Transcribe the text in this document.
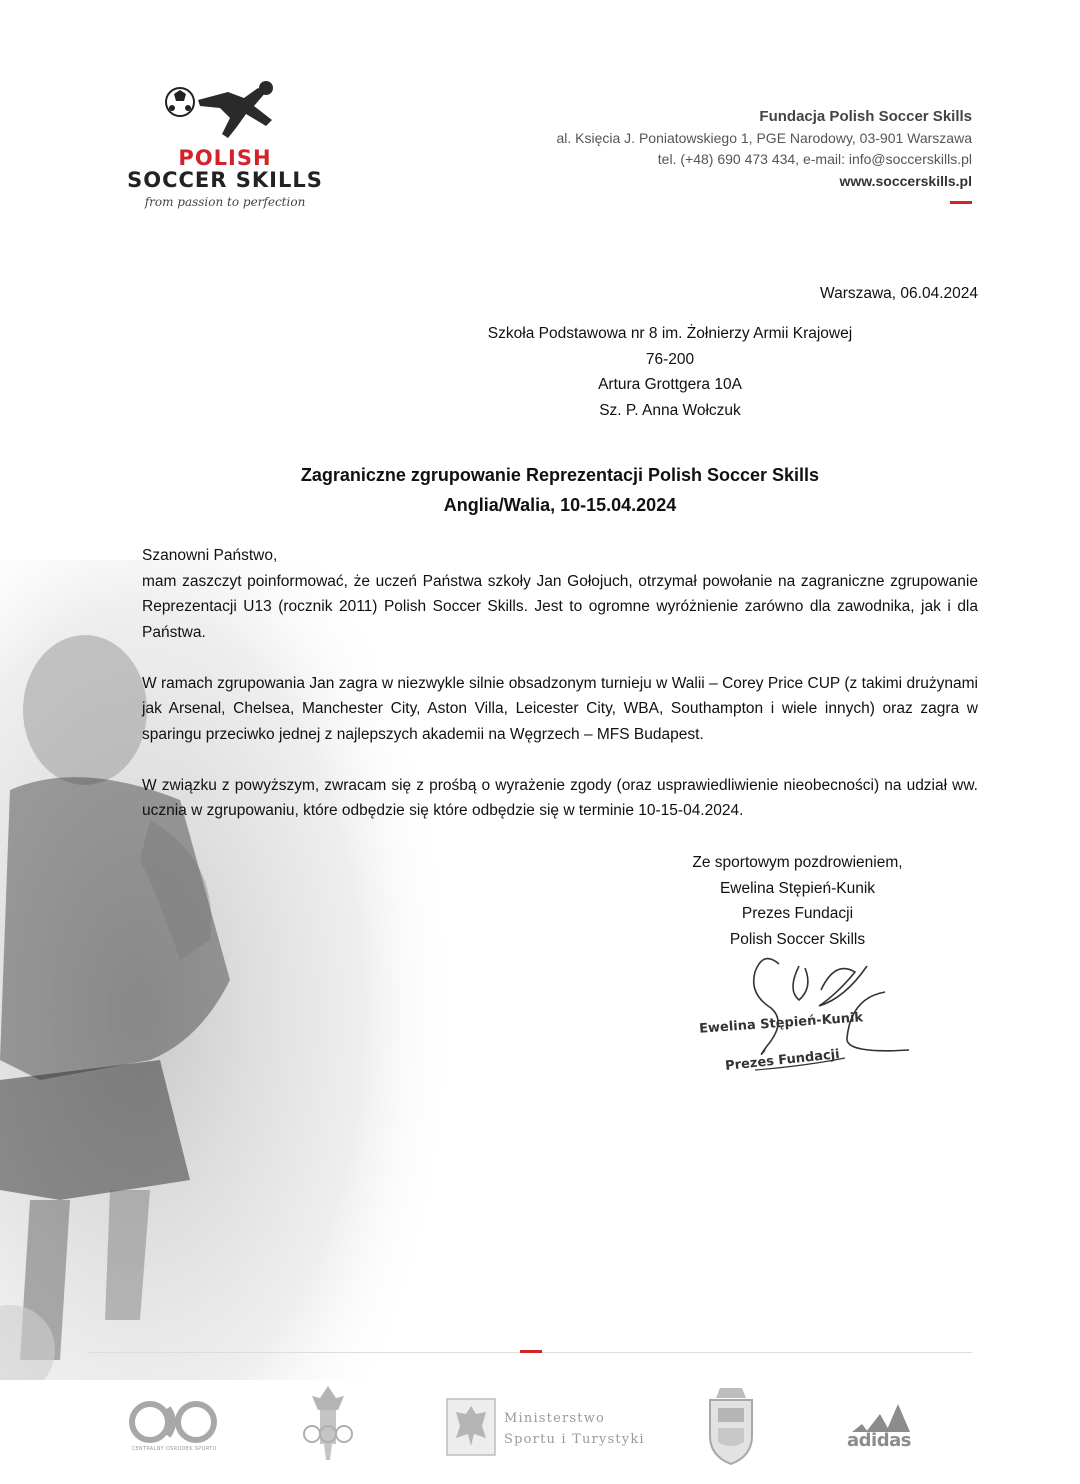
POLISH
SOCCER SKILLS
from passion to perfection
Fundacja Polish Soccer Skills
al. Księcia J. Poniatowskiego 1, PGE Narodowy, 03-901 Warszawa
tel. (+48) 690 473 434, e-mail: info@soccerskills.pl
www.soccerskills.pl
Warszawa, 06.04.2024
Szkoła Podstawowa nr 8 im. Żołnierzy Armii Krajowej
76-200
Artura Grottgera 10A
Sz. P. Anna Wołczuk
Zagraniczne zgrupowanie Reprezentacji Polish Soccer Skills
Anglia/Walia, 10-15.04.2024

Szanowni Państwo,

mam zaszczyt poinformować, że uczeń Państwa szkoły Jan Gołojuch, otrzymał powołanie na zagraniczne zgrupowanie Reprezentacji U13 (rocznik 2011) Polish Soccer Skills. Jest to ogromne wyróżnienie zarówno dla zawodnika, jak i dla Państwa.

W ramach zgrupowania Jan zagra w niezwykle silnie obsadzonym turnieju w Walii – Corey Price CUP (z takimi drużynami jak Arsenal, Chelsea, Manchester City, Aston Villa, Leicester City, WBA, Southampton i wiele innych) oraz zagra w sparingu przeciwko jednej z najlepszych akademii na Węgrzech – MFS Budapest.

W związku z powyższym, zwracam się z prośbą o wyrażenie zgody (oraz usprawiedliwienie nieobecności) na udział ww. ucznia w zgrupowaniu, które odbędzie się które odbędzie się w terminie 10-15-04.2024.

Ze sportowym pozdrowieniem,
Ewelina Stępień-Kunik
Prezes Fundacji
Polish Soccer Skills
Ewelina Stępień-Kunik
Prezes Fundacji
CENTRALNY OŚRODEK SPORTU
Ministerstwo
Sportu i Turystyki	adidas
